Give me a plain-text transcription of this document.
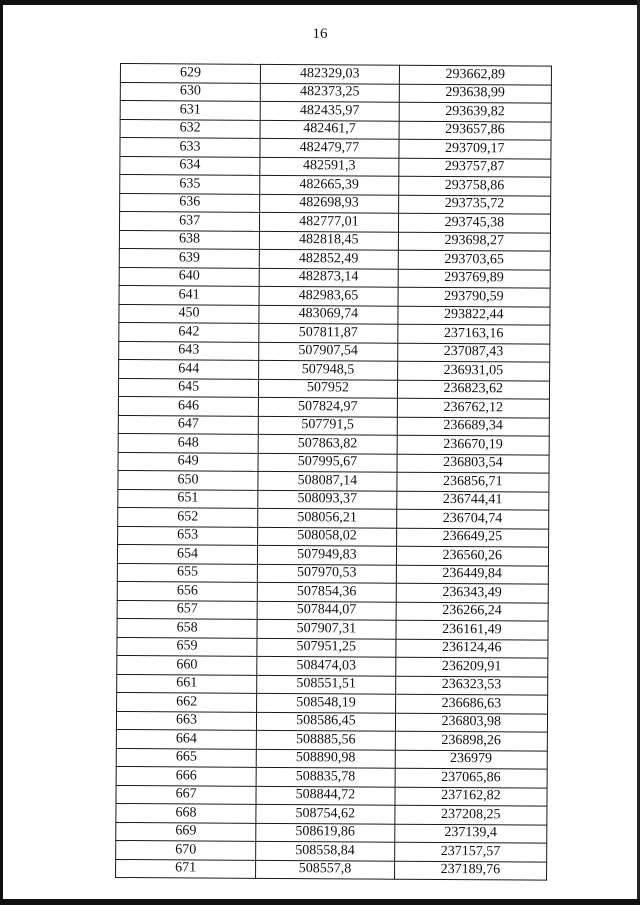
16
629	482329,03	293662,89
630	482373,25	293638,99
631	482435,97	293639,82
632	482461,7	293657,86
633	482479,77	293709,17
634	482591,3	293757,87
635	482665,39	293758,86
636	482698,93	293735,72
637	482777,01	293745,38
638	482818,45	293698,27
639	482852,49	293703,65
640	482873,14	293769,89
641	482983,65	293790,59
450	483069,74	293822,44
642	507811,87	237163,16
643	507907,54	237087,43
644	507948,5	236931,05
645	507952	236823,62
646	507824,97	236762,12
647	507791,5	236689,34
648	507863,82	236670,19
649	507995,67	236803,54
650	508087,14	236856,71
651	508093,37	236744,41
652	508056,21	236704,74
653	508058,02	236649,25
654	507949,83	236560,26
655	507970,53	236449,84
656	507854,36	236343,49
657	507844,07	236266,24
658	507907,31	236161,49
659	507951,25	236124,46
660	508474,03	236209,91
661	508551,51	236323,53
662	508548,19	236686,63
663	508586,45	236803,98
664	508885,56	236898,26
665	508890,98	236979
666	508835,78	237065,86
667	508844,72	237162,82
668	508754,62	237208,25
669	508619,86	237139,4
670	508558,84	237157,57
671	508557,8	237189,76
